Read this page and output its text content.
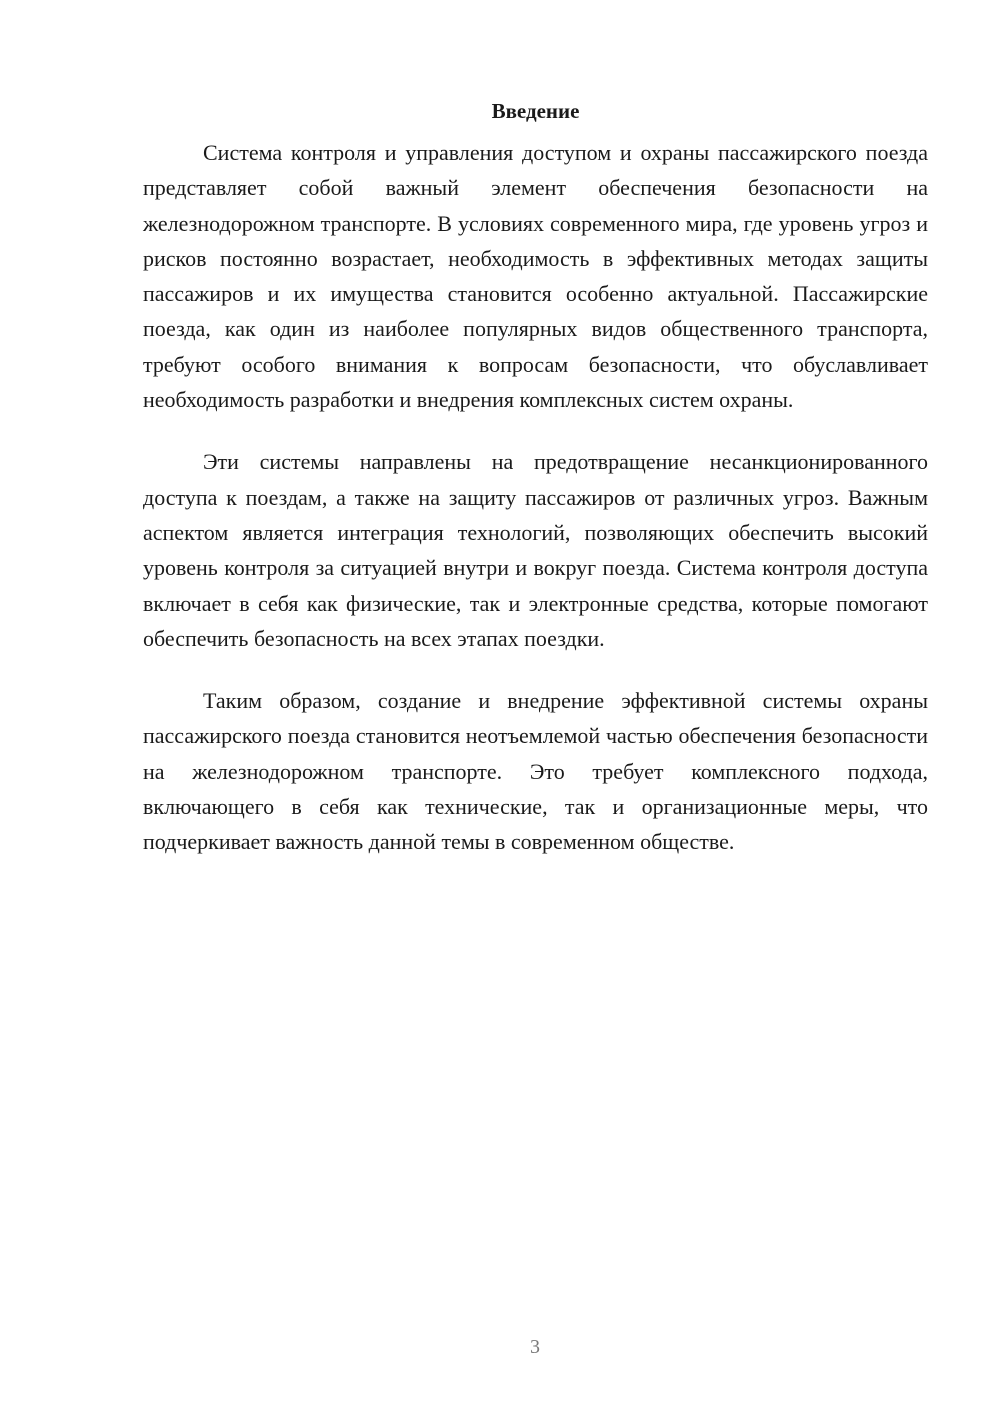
Введение

Система контроля и управления доступом и охраны пассажирского поезда представляет собой важный элемент обеспечения безопасности на железнодорожном транспорте. В условиях современного мира, где уровень угроз и рисков постоянно возрастает, необходимость в эффективных методах защиты пассажиров и их имущества становится особенно актуальной. Пассажирские поезда, как один из наиболее популярных видов общественного транспорта, требуют особого внимания к вопросам безопасности, что обуславливает необходимость разработки и внедрения комплексных систем охраны.

Эти системы направлены на предотвращение несанкционированного доступа к поездам, а также на защиту пассажиров от различных угроз. Важным аспектом является интеграция технологий, позволяющих обеспечить высокий уровень контроля за ситуацией внутри и вокруг поезда. Система контроля доступа включает в себя как физические, так и электронные средства, которые помогают обеспечить безопасность на всех этапах поездки.

Таким образом, создание и внедрение эффективной системы охраны пассажирского поезда становится неотъемлемой частью обеспечения безопасности на железнодорожном транспорте. Это требует комплексного подхода, включающего в себя как технические, так и организационные меры, что подчеркивает важность данной темы в современном обществе.

3
